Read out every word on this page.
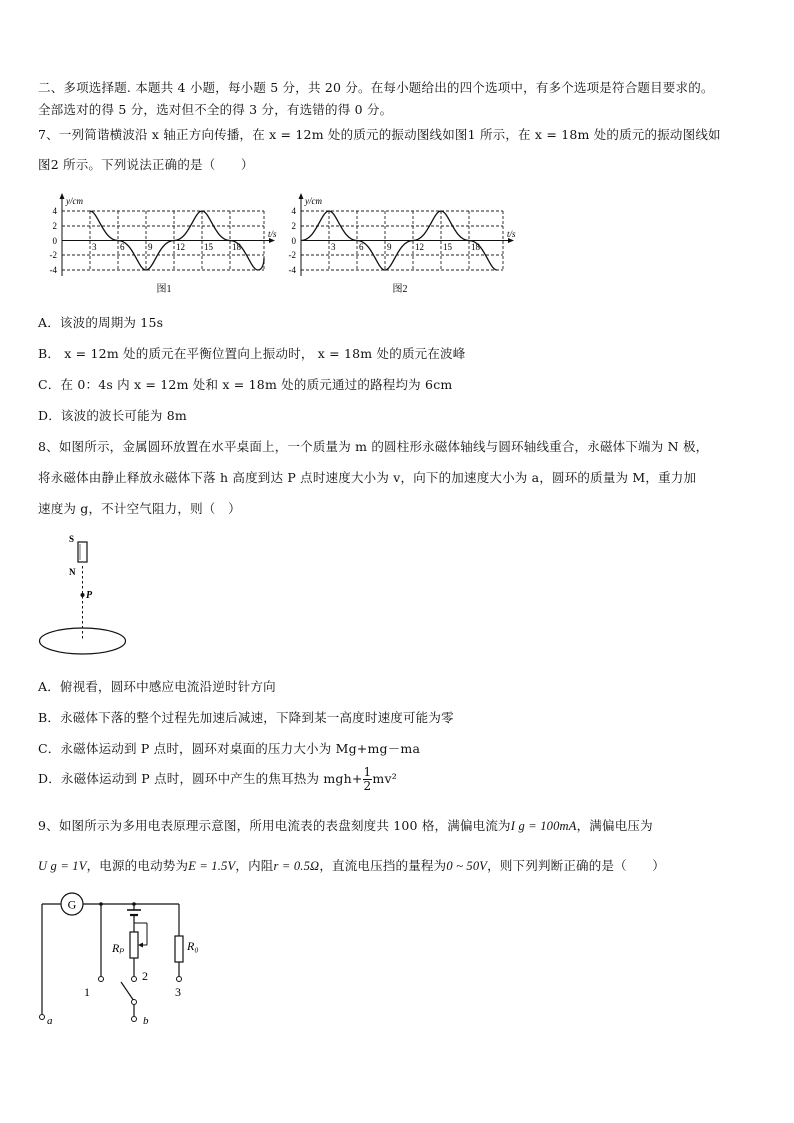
二、多项选择题. 本题共 4 小题，每小题 5 分，共 20 分。在每小题给出的四个选项中，有多个选项是符合题目要求的。
全部选对的得 5 分，选对但不全的得 3 分，有选错的得 0 分。
7、一列简谐横波沿 x 轴正方向传播，在 x = 12m 处的质元的振动图线如图1 所示，在 x = 18m 处的质元的振动图线如
图2 所示。下列说法正确的是（　　）
y/cm
t/s
4
2
0
-2
-4
3	6	9	12 15 18
图1
y/cm
t/s
4
2
0
-2
-4
3	6	9	12 15 18
图2
A．该波的周期为 15s
B． x = 12m 处的质元在平衡位置向上振动时， x = 18m 处的质元在波峰
C．在 0：4s 内 x = 12m 处和 x = 18m 处的质元通过的路程均为 6cm
D．该波的波长可能为 8m
8、如图所示，金属圆环放置在水平桌面上，一个质量为 m 的圆柱形永磁体轴线与圆环轴线重合，永磁体下端为 N 极，
将永磁体由静止释放永磁体下落 h 高度到达 P 点时速度大小为 v，向下的加速度大小为 a，圆环的质量为 M，重力加
速度为 g，不计空气阻力，则（　）
S
N
P
A．俯视看，圆环中感应电流沿逆时针方向
B．永磁体下落的整个过程先加速后减速，下降到某一高度时速度可能为零
C．永磁体运动到 P 点时，圆环对桌面的压力大小为 Mg+mg－ma
D．永磁体运动到 P 点时，圆环中产生的焦耳热为 $mgh+ \frac{1}{2} mv^2$
9、如图所示为多用电表原理示意图，所用电流表的表盘刻度共 100 格，满偏电流为I g = 100mA，满偏电压为
U g = 1V，电源的电动势为E = 1.5V，内阻r = 0.5Ω，直流电压挡的量程为0 ~ 50V，则下列判断正确的是（　　）
G
a
1
Rₚ
2
R₀
3
b
